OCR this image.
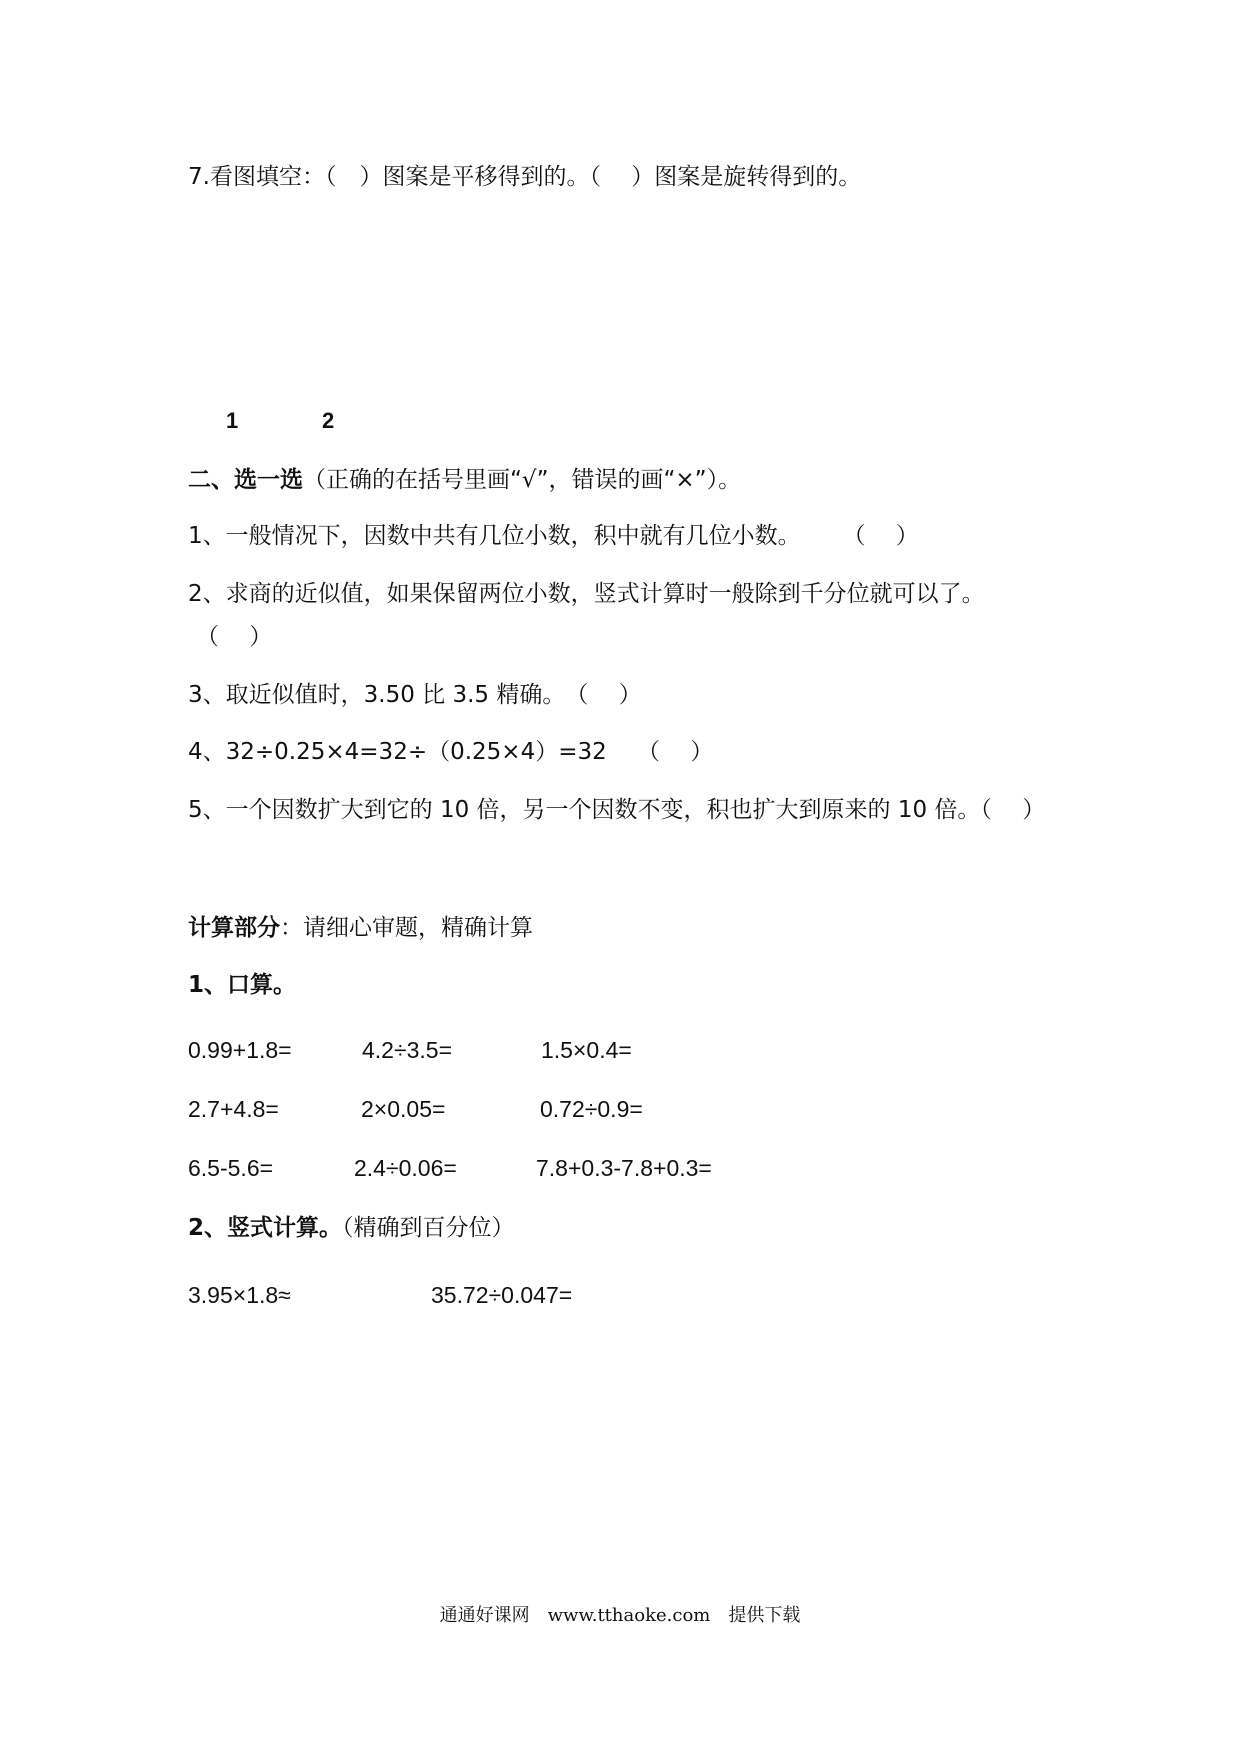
7.看图填空：（　）图案是平移得到的。（　 ）图案是旋转得到的。
1	2
二、选一选（正确的在括号里画“√”，错误的画“×”）。
1、一般情况下，因数中共有几位小数，积中就有几位小数。　　 （　 ）
2、求商的近似值，如果保留两位小数，竖式计算时一般除到千分位就可以了。
（　 ）
3、取近似值时，3.50 比 3.5 精确。　（　 ）
4、32÷0.25×4=32÷（0.25×4）=32　 （　 ）
5、一个因数扩大到它的 10 倍，另一个因数不变，积也扩大到原来的 10 倍。（　 ）
计算部分：请细心审题，精确计算
1、口算。
0.99+1.8=	4.2÷3.5=	1.5×0.4=
2.7+4.8=	2×0.05=	0.72÷0.9=
6.5-5.6=	2.4÷0.06=	7.8+0.3-7.8+0.3=
2、竖式计算。（精确到百分位）
3.95×1.8≈	35.72÷0.047=
通通好课网　www.tthaoke.com　提供下载
